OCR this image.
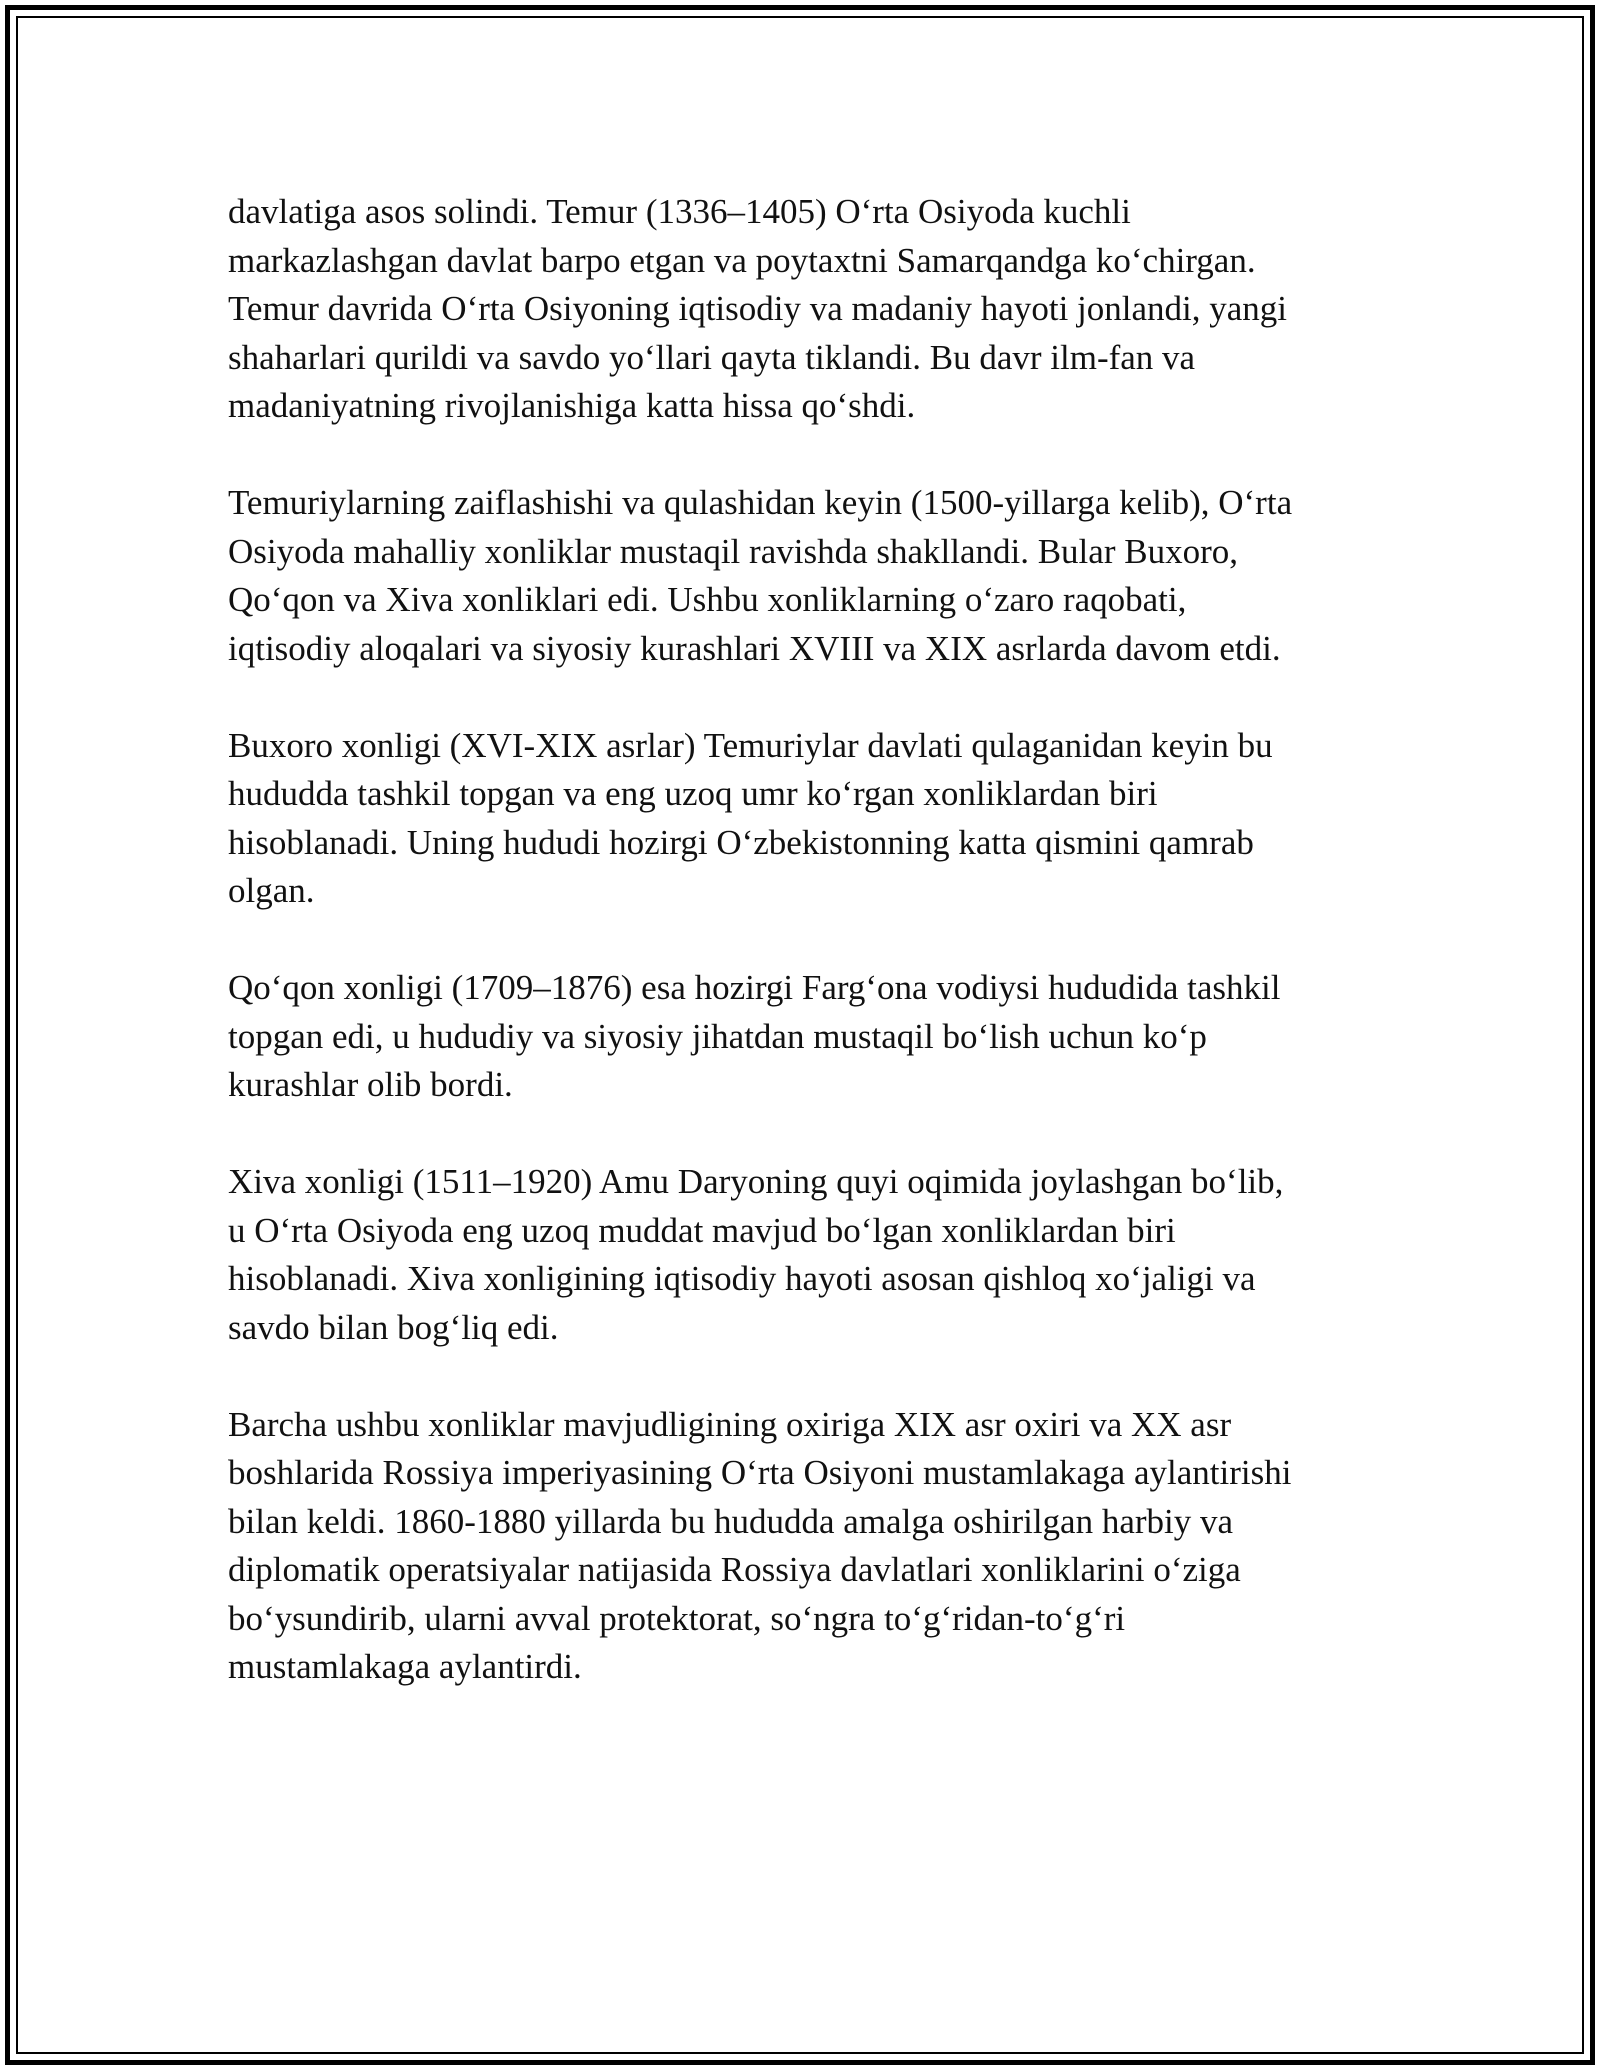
davlatiga asos solindi. Temur (1336–1405) Oʻrta Osiyoda kuchli
markazlashgan davlat barpo etgan va poytaxtni Samarqandga koʻchirgan.
Temur davrida Oʻrta Osiyoning iqtisodiy va madaniy hayoti jonlandi, yangi
shaharlari qurildi va savdo yoʻllari qayta tiklandi. Bu davr ilm-fan va
madaniyatning rivojlanishiga katta hissa qoʻshdi.

Temuriylarning zaiflashishi va qulashidan keyin (1500-yillarga kelib), Oʻrta
Osiyoda mahalliy xonliklar mustaqil ravishda shakllandi. Bular Buxoro,
Qoʻqon va Xiva xonliklari edi. Ushbu xonliklarning oʻzaro raqobati,
iqtisodiy aloqalari va siyosiy kurashlari XVIII va XIX asrlarda davom etdi.

Buxoro xonligi (XVI-XIX asrlar) Temuriylar davlati qulaganidan keyin bu
hududda tashkil topgan va eng uzoq umr koʻrgan xonliklardan biri
hisoblanadi. Uning hududi hozirgi Oʻzbekistonning katta qismini qamrab
olgan.

Qoʻqon xonligi (1709–1876) esa hozirgi Fargʻona vodiysi hududida tashkil
topgan edi, u hududiy va siyosiy jihatdan mustaqil boʻlish uchun koʻp
kurashlar olib bordi.

Xiva xonligi (1511–1920) Amu Daryoning quyi oqimida joylashgan boʻlib,
u Oʻrta Osiyoda eng uzoq muddat mavjud boʻlgan xonliklardan biri
hisoblanadi. Xiva xonligining iqtisodiy hayoti asosan qishloq xoʻjaligi va
savdo bilan bogʻliq edi.

Barcha ushbu xonliklar mavjudligining oxiriga XIX asr oxiri va XX asr
boshlarida Rossiya imperiyasining Oʻrta Osiyoni mustamlakaga aylantirishi
bilan keldi. 1860-1880 yillarda bu hududda amalga oshirilgan harbiy va
diplomatik operatsiyalar natijasida Rossiya davlatlari xonliklarini oʻziga
boʻysundirib, ularni avval protektorat, soʻngra toʻgʻridan-toʻgʻri
mustamlakaga aylantirdi.
